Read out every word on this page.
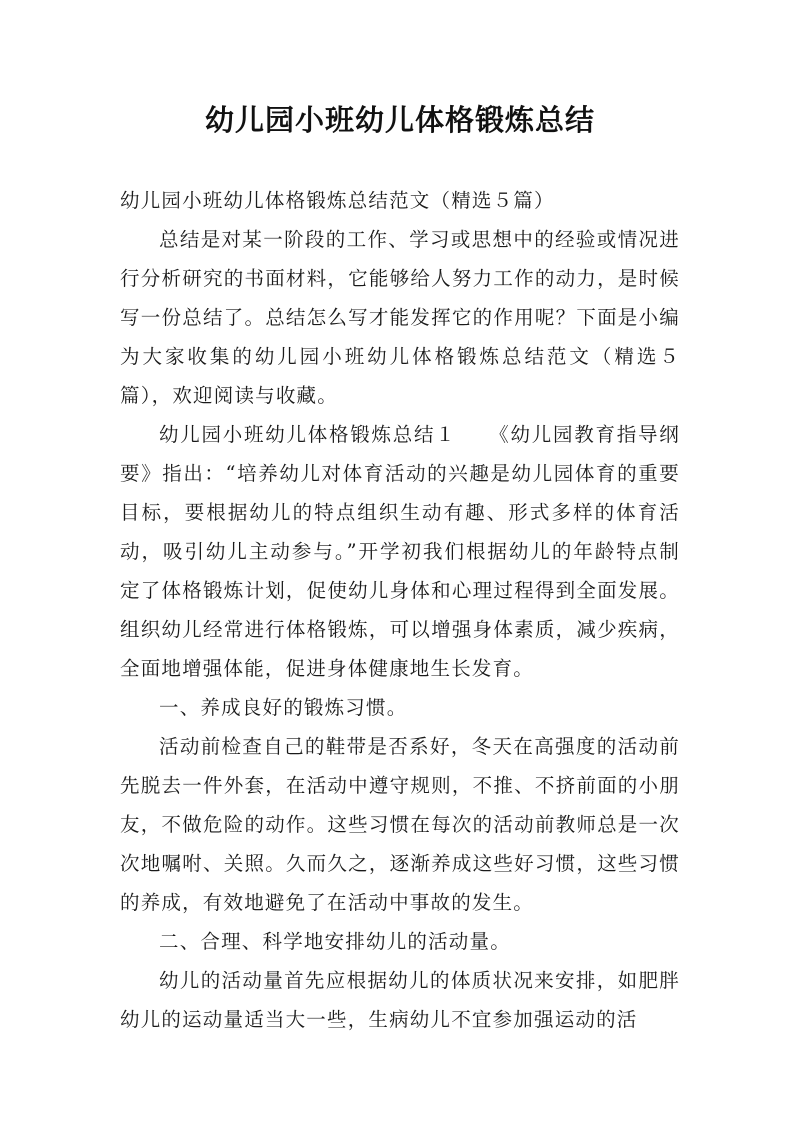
幼儿园小班幼儿体格锻炼总结

幼儿园小班幼儿体格锻炼总结范文（精选５篇）

总结是对某一阶段的工作、学习或思想中的经验或情况进行分析研究的书面材料，它能够给人努力工作的动力，是时候写一份总结了。总结怎么写才能发挥它的作用呢？下面是小编为大家收集的幼儿园小班幼儿体格锻炼总结范文（精选５篇），欢迎阅读与收藏。

幼儿园小班幼儿体格锻炼总结１　　《幼儿园教育指导纲要》指出：“培养幼儿对体育活动的兴趣是幼儿园体育的重要目标，要根据幼儿的特点组织生动有趣、形式多样的体育活动，吸引幼儿主动参与。”开学初我们根据幼儿的年龄特点制定了体格锻炼计划，促使幼儿身体和心理过程得到全面发展。组织幼儿经常进行体格锻炼，可以增强身体素质，减少疾病，全面地增强体能，促进身体健康地生长发育。

一、养成良好的锻炼习惯。

活动前检查自己的鞋带是否系好，冬天在高强度的活动前先脱去一件外套，在活动中遵守规则，不推、不挤前面的小朋友，不做危险的动作。这些习惯在每次的活动前教师总是一次次地嘱咐、关照。久而久之，逐渐养成这些好习惯，这些习惯的养成，有效地避免了在活动中事故的发生。

二、合理、科学地安排幼儿的活动量。

幼儿的活动量首先应根据幼儿的体质状况来安排，如肥胖幼儿的运动量适当大一些，生病幼儿不宜参加强运动的活
